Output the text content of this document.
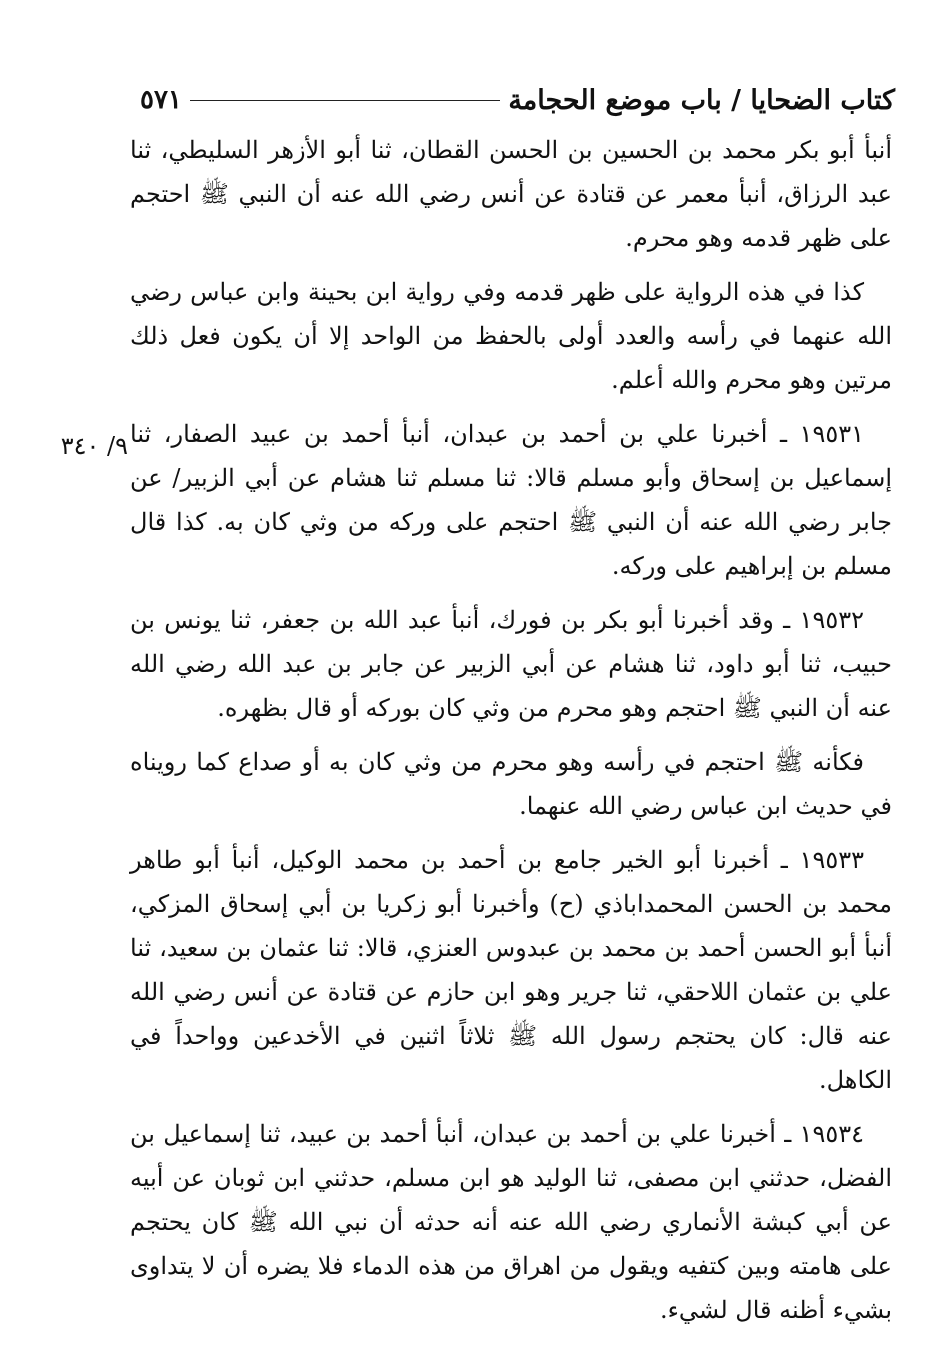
كتاب الضحايا / باب موضع الحجامة
٥٧١
٩/ ٣٤٠

أنبأ أبو بكر محمد بن الحسين بن الحسن القطان، ثنا أبو الأزهر السليطي، ثنا عبد الرزاق، أنبأ معمر عن قتادة عن أنس رضي الله عنه أن النبي ﷺ احتجم على ظهر قدمه وهو محرم.

كذا في هذه الرواية على ظهر قدمه وفي رواية ابن بحينة وابن عباس رضي الله عنهما في رأسه والعدد أولى بالحفظ من الواحد إلا أن يكون فعل ذلك مرتين وهو محرم والله أعلم.

١٩٥٣١ ـ أخبرنا علي بن أحمد بن عبدان، أنبأ أحمد بن عبيد الصفار، ثنا إسماعيل بن إسحاق وأبو مسلم قالا: ثنا مسلم ثنا هشام عن أبي الزبير/ عن جابر رضي الله عنه أن النبي ﷺ احتجم على وركه من وثي كان به. كذا قال مسلم بن إبراهيم على وركه.

١٩٥٣٢ ـ وقد أخبرنا أبو بكر بن فورك، أنبأ عبد الله بن جعفر، ثنا يونس بن حبيب، ثنا أبو داود، ثنا هشام عن أبي الزبير عن جابر بن عبد الله رضي الله عنه أن النبي ﷺ احتجم وهو محرم من وثي كان بوركه أو قال بظهره.

فكأنه ﷺ احتجم في رأسه وهو محرم من وثي كان به أو صداع كما رويناه في حديث ابن عباس رضي الله عنهما.

١٩٥٣٣ ـ أخبرنا أبو الخير جامع بن أحمد بن محمد الوكيل، أنبأ أبو طاهر محمد بن الحسن المحمداباذي (ح) وأخبرنا أبو زكريا بن أبي إسحاق المزكي، أنبأ أبو الحسن أحمد بن محمد بن عبدوس العنزي، قالا: ثنا عثمان بن سعيد، ثنا علي بن عثمان اللاحقي، ثنا جرير وهو ابن حازم عن قتادة عن أنس رضي الله عنه قال: كان يحتجم رسول الله ﷺ ثلاثاً اثنين في الأخدعين وواحداً في الكاهل.

١٩٥٣٤ ـ أخبرنا علي بن أحمد بن عبدان، أنبأ أحمد بن عبيد، ثنا إسماعيل بن الفضل، حدثني ابن مصفى، ثنا الوليد هو ابن مسلم، حدثني ابن ثوبان عن أبيه عن أبي كبشة الأنماري رضي الله عنه أنه حدثه أن نبي الله ﷺ كان يحتجم على هامته وبين كتفيه ويقول من اهراق من هذه الدماء فلا يضره أن لا يتداوى بشيء أظنه قال لشيء.
